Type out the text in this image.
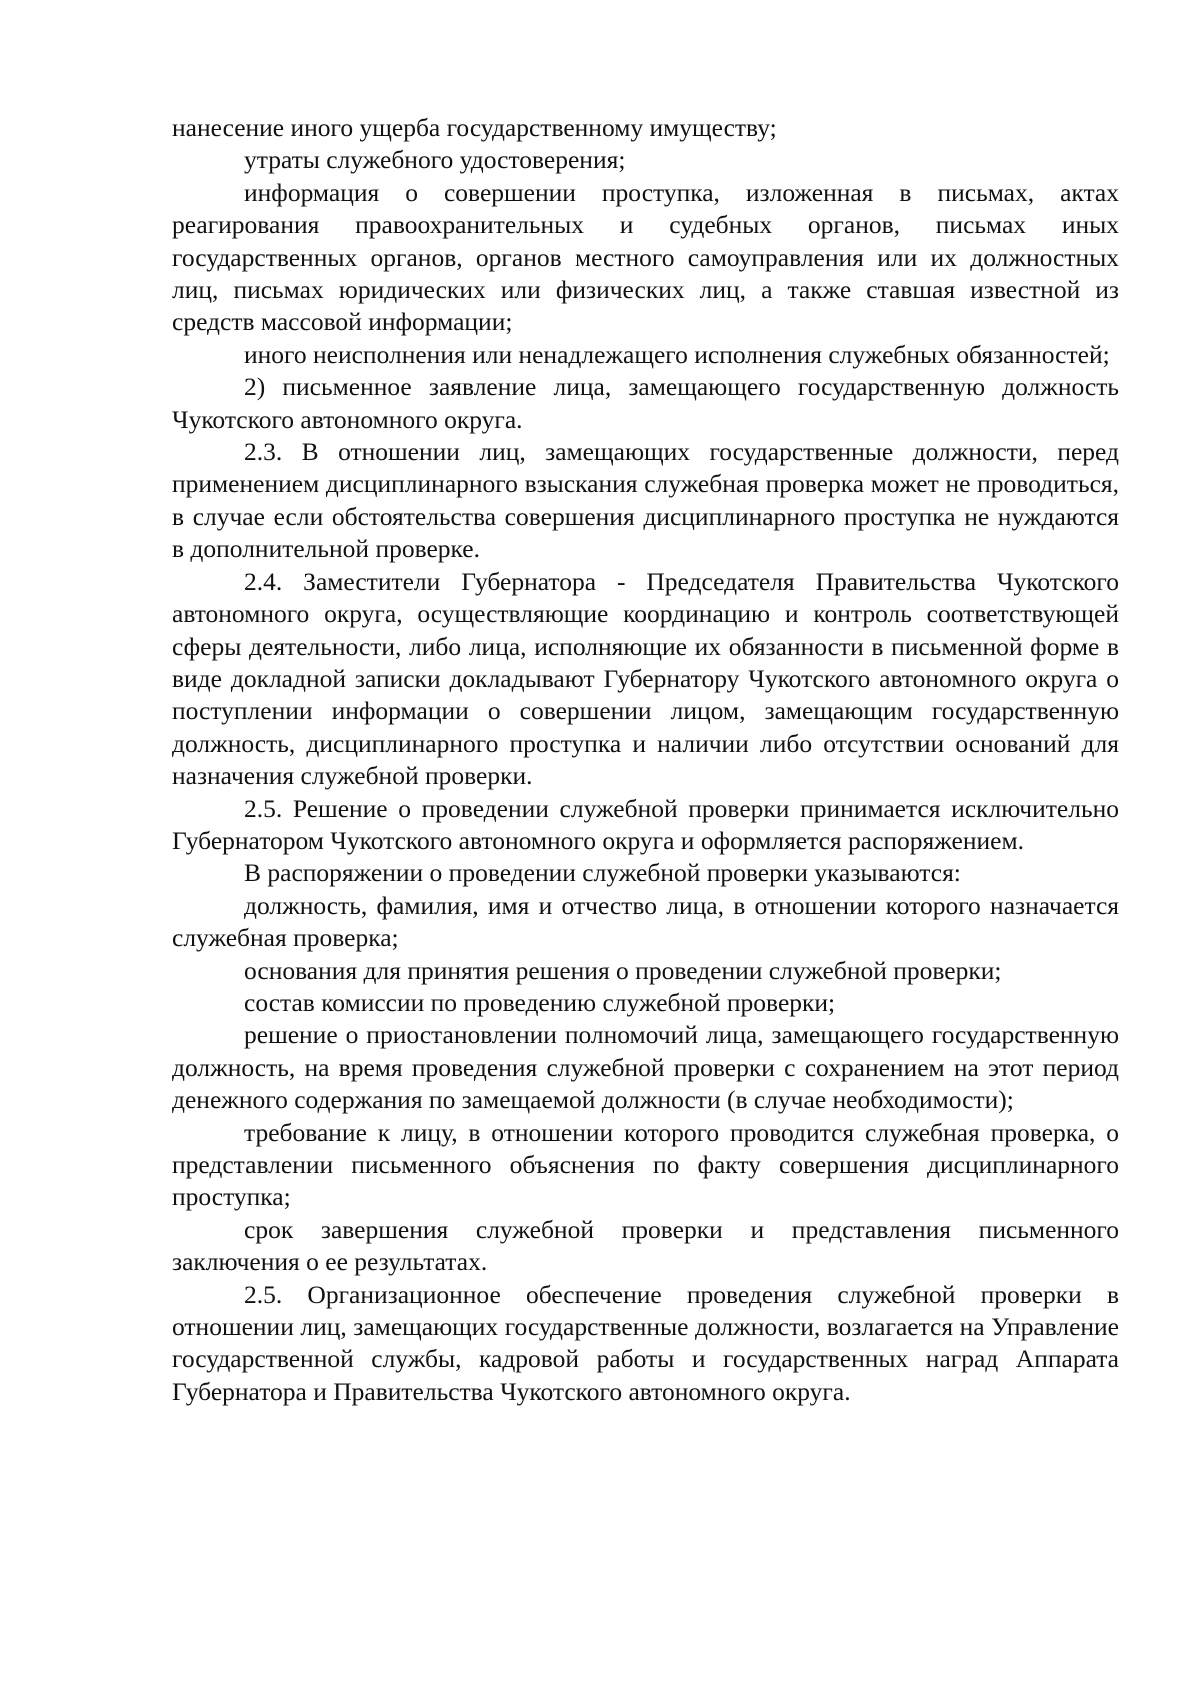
нанесение иного ущерба государственному имуществу;

утраты служебного удостоверения;

информация о совершении проступка, изложенная в письмах, актах реагирования правоохранительных и судебных органов, письмах иных государственных органов, органов местного самоуправления или их должностных лиц, письмах юридических или физических лиц, а также ставшая известной из средств массовой информации;

иного неисполнения или ненадлежащего исполнения служебных обязанностей;

2) письменное заявление лица, замещающего государственную должность Чукотского автономного округа.

2.3. В отношении лиц, замещающих государственные должности, перед применением дисциплинарного взыскания служебная проверка может не проводиться, в случае если обстоятельства совершения дисциплинарного проступка не нуждаются в дополнительной проверке.

2.4. Заместители Губернатора - Председателя Правительства Чукотского автономного округа, осуществляющие координацию и контроль соответствующей сферы деятельности, либо лица, исполняющие их обязанности в письменной форме в виде докладной записки докладывают Губернатору Чукотского автономного округа о поступлении информации о совершении лицом, замещающим государственную должность, дисциплинарного проступка и наличии либо отсутствии оснований для назначения служебной проверки.

2.5. Решение о проведении служебной проверки принимается исключительно Губернатором Чукотского автономного округа и оформляется распоряжением.

В распоряжении о проведении служебной проверки указываются:

должность, фамилия, имя и отчество лица, в отношении которого назначается служебная проверка;

основания для принятия решения о проведении служебной проверки;

состав комиссии по проведению служебной проверки;

решение о приостановлении полномочий лица, замещающего государственную должность, на время проведения служебной проверки с сохранением на этот период денежного содержания по замещаемой должности (в случае необходимости);

требование к лицу, в отношении которого проводится служебная проверка, о представлении письменного объяснения по факту совершения дисциплинарного проступка;

срок завершения служебной проверки и представления письменного заключения о ее результатах.

2.5. Организационное обеспечение проведения служебной проверки в отношении лиц, замещающих государственные должности, возлагается на Управление государственной службы, кадровой работы и государственных наград Аппарата Губернатора и Правительства Чукотского автономного округа.
